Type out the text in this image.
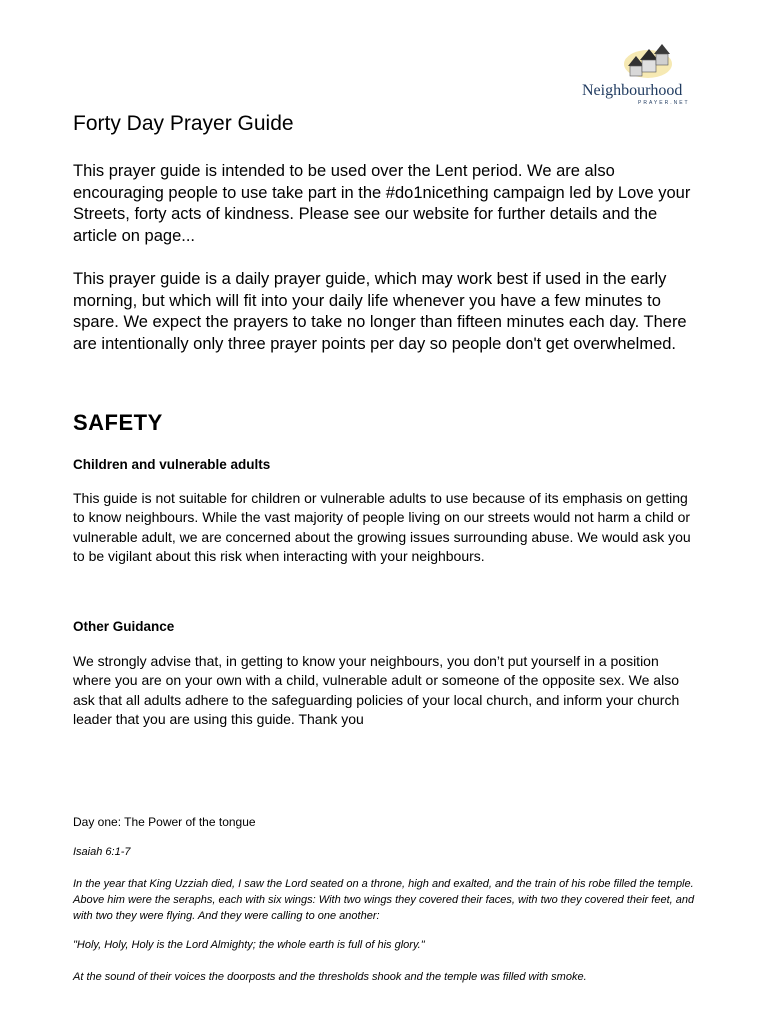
Neighbourhood
PRAYER.NET
Forty Day Prayer Guide

This prayer guide is intended to be used over the Lent period. We are also encouraging people to use take part in the #do1nicething campaign led by Love your Streets, forty acts of kindness. Please see our website for further details and the article on page...

This prayer guide is a daily prayer guide, which may work best if used in the early morning, but which will fit into your daily life whenever you have a few minutes to spare. We expect the prayers to take no longer than fifteen minutes each day. There are intentionally only three prayer points per day so people don't get overwhelmed.

SAFETY
Children and vulnerable adults

This guide is not suitable for children or vulnerable adults to use because of its emphasis on getting to know neighbours. While the vast majority of people living on our streets would not harm a child or vulnerable adult, we are concerned about the growing issues surrounding abuse. We would ask you to be vigilant about this risk when interacting with your neighbours.

Other Guidance

We strongly advise that, in getting to know your neighbours, you don’t put yourself in a position where you are on your own with a child, vulnerable adult or someone of the opposite sex. We also ask that all adults adhere to the safeguarding policies of your local church, and inform your church leader that you are using this guide. Thank you

Day one: The Power of the tongue

Isaiah 6:1-7

In the year that King Uzziah died, I saw the Lord seated on a throne, high and exalted, and the train of his robe filled the temple. Above him were the seraphs, each with six wings: With two wings they covered their faces, with two they covered their feet, and with two they were flying. And they were calling to one another:

"Holy, Holy, Holy is the Lord Almighty; the whole earth is full of his glory."

At the sound of their voices the doorposts and the thresholds shook and the temple was filled with smoke.
